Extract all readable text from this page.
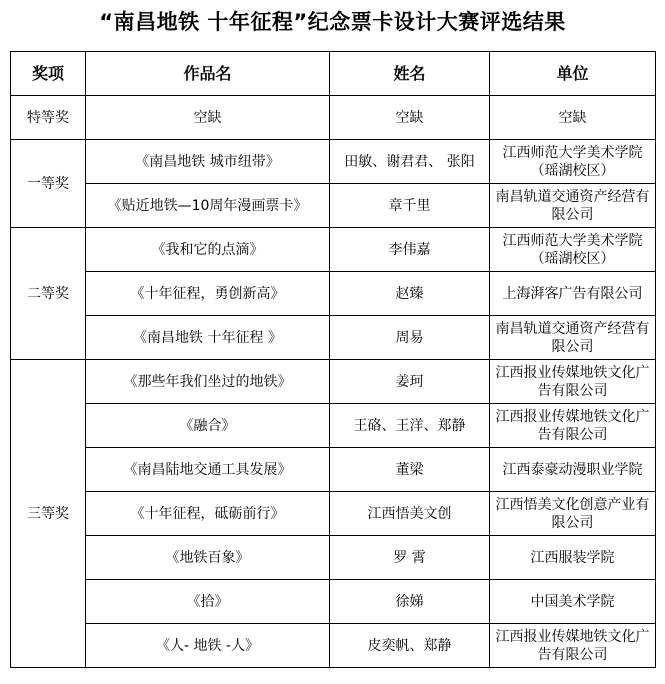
“南昌地铁 十年征程”纪念票卡设计大赛评选结果
奖项	作品名	姓名	单位
特等奖	空缺	空缺	空缺
一等奖	《南昌地铁 城市纽带》	田敏、谢君君、 张阳	江西师范大学美术学院（瑶湖校区）
	《贴近地铁—10周年漫画票卡》	章千里	南昌轨道交通资产经营有限公司
二等奖	《我和它的点滴》	李伟嘉	江西师范大学美术学院（瑶湖校区）
	《十年征程，勇创新高》	赵臻	上海湃客广告有限公司
	《南昌地铁 十年征程 》	周易	南昌轨道交通资产经营有限公司
三等奖	《那些年我们坐过的地铁》	姜珂	江西报业传媒地铁文化广告有限公司
	《融合》	王硌、王洋、郑静	江西报业传媒地铁文化广告有限公司
	《南昌陆地交通工具发展》	董梁	江西泰豪动漫职业学院
	《十年征程，砥砺前行》	江西悟美文创	江西悟美文化创意产业有限公司
	《地铁百象》	罗 霄	江西服装学院
	《拾》	徐娣	中国美术学院
	《人- 地铁 -人》	皮奕帆、郑静	江西报业传媒地铁文化广告有限公司
